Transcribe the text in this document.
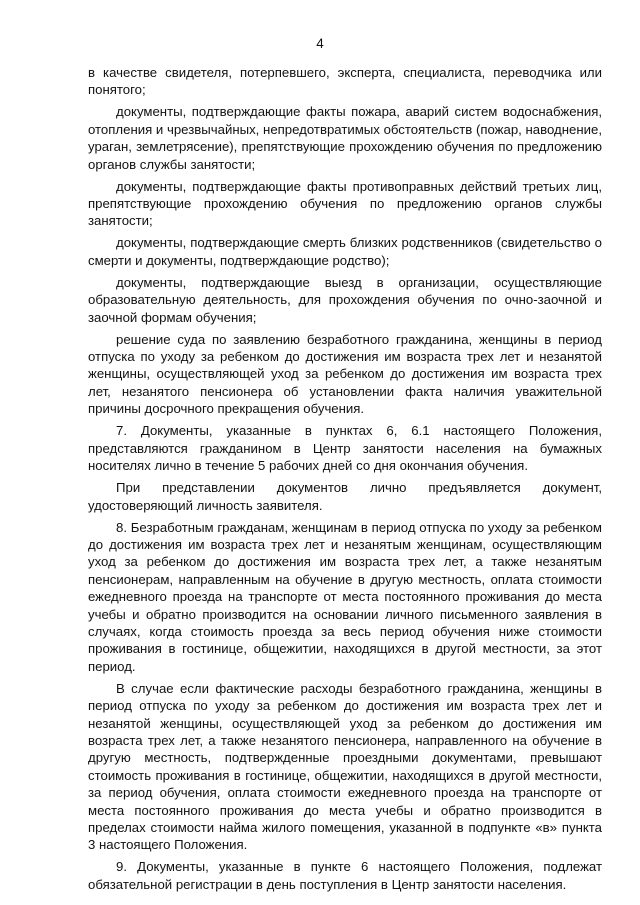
4

в качестве свидетеля, потерпевшего, эксперта, специалиста, переводчика или понятого;

документы, подтверждающие факты пожара, аварий систем водоснабжения, отопления и чрезвычайных, непредотвратимых обстоятельств (пожар, наводнение, ураган, землетрясение), препятствующие прохождению обучения по предложению органов службы занятости;

документы, подтверждающие факты противоправных действий третьих лиц, препятствующие прохождению обучения по предложению органов службы занятости;

документы, подтверждающие смерть близких родственников (свидетельство о смерти и документы, подтверждающие родство);

документы, подтверждающие выезд в организации, осуществляющие образовательную деятельность, для прохождения обучения по очно-заочной и заочной формам обучения;

решение суда по заявлению безработного гражданина, женщины в период отпуска по уходу за ребенком до достижения им возраста трех лет и незанятой женщины, осуществляющей уход за ребенком до достижения им возраста трех лет, незанятого пенсионера об установлении факта наличия уважительной причины досрочного прекращения обучения.

7. Документы, указанные в пунктах 6, 6.1 настоящего Положения, представляются гражданином в Центр занятости населения на бумажных носителях лично в течение 5 рабочих дней со дня окончания обучения.

При представлении документов лично предъявляется документ, удостоверяющий личность заявителя.

8. Безработным гражданам, женщинам в период отпуска по уходу за ребенком до достижения им возраста трех лет и незанятым женщинам, осуществляющим уход за ребенком до достижения им возраста трех лет, а также незанятым пенсионерам, направленным на обучение в другую местность, оплата стоимости ежедневного проезда на транспорте от места постоянного проживания до места учебы и обратно производится на основании личного письменного заявления в случаях, когда стоимость проезда за весь период обучения ниже стоимости проживания в гостинице, общежитии, находящихся в другой местности, за этот период.

В случае если фактические расходы безработного гражданина, женщины в период отпуска по уходу за ребенком до достижения им возраста трех лет и незанятой женщины, осуществляющей уход за ребенком до достижения им возраста трех лет, а также незанятого пенсионера, направленного на обучение в другую местность, подтвержденные проездными документами, превышают стоимость проживания в гостинице, общежитии, находящихся в другой местности, за период обучения, оплата стоимости ежедневного проезда на транспорте от места постоянного проживания до места учебы и обратно производится в пределах стоимости найма жилого помещения, указанной в подпункте «в» пункта 3 настоящего Положения.

9. Документы, указанные в пункте 6 настоящего Положения, подлежат обязательной регистрации в день поступления в Центр занятости населения.
